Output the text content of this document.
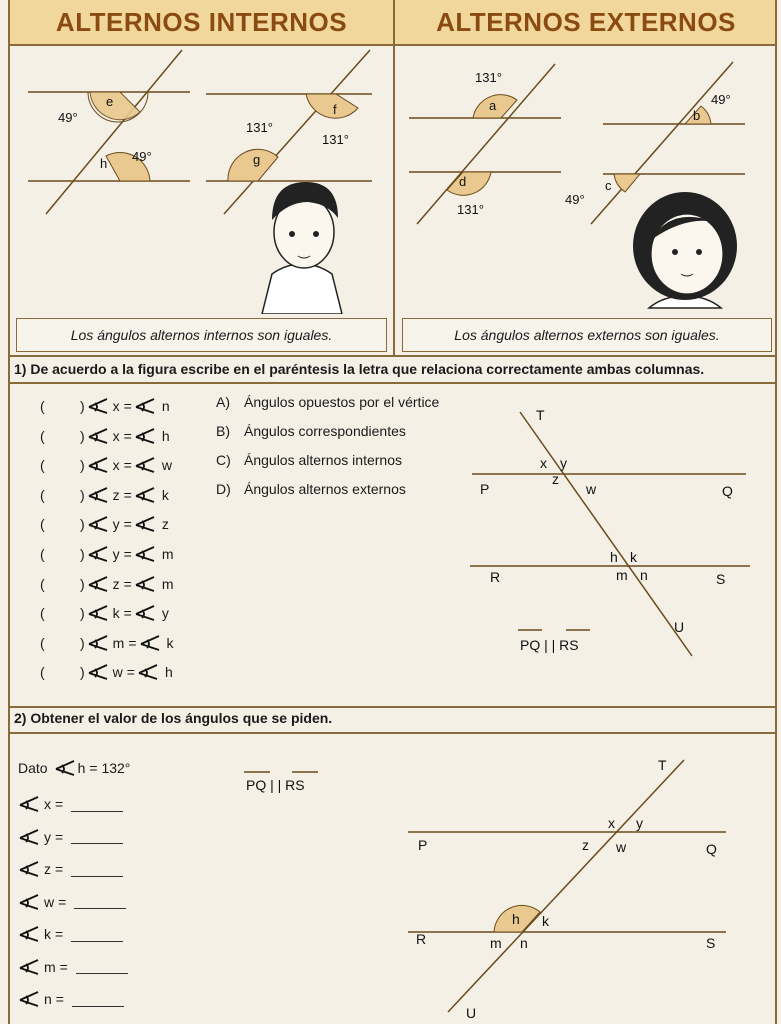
ALTERNOS INTERNOS	ALTERNOS EXTERNOS
e
f
g
h
49°
49°
131°
131°
a
b
c
d
131°
131°
49°
49°
Los ángulos alternos internos son iguales.	Los ángulos alternos externos son iguales.
1) De acuerdo a la figura escribe en el paréntesis la letra que relaciona correctamente ambas columnas.
(	) x = n
(	) x = h
(	) x = w
(	) z = k
(	) y = z
(	) y = m
(	) z = m
(	) k = y
(	) m = k
(	) w = h
A) Ángulos opuestos por el vértice
B) Ángulos correspondientes
C) Ángulos alternos internos
D) Ángulos alternos externos
T
U
P	Q
R	S
x y
z
w
h k
m n
PQ | | RS
2) Obtener el valor de los ángulos que se piden.
Dato h = 132°
x =
y =
z =
w =
k =
m =
n =
PQ | | RS
T
U
P	Q
R	S
x y
z w
h k
m n
